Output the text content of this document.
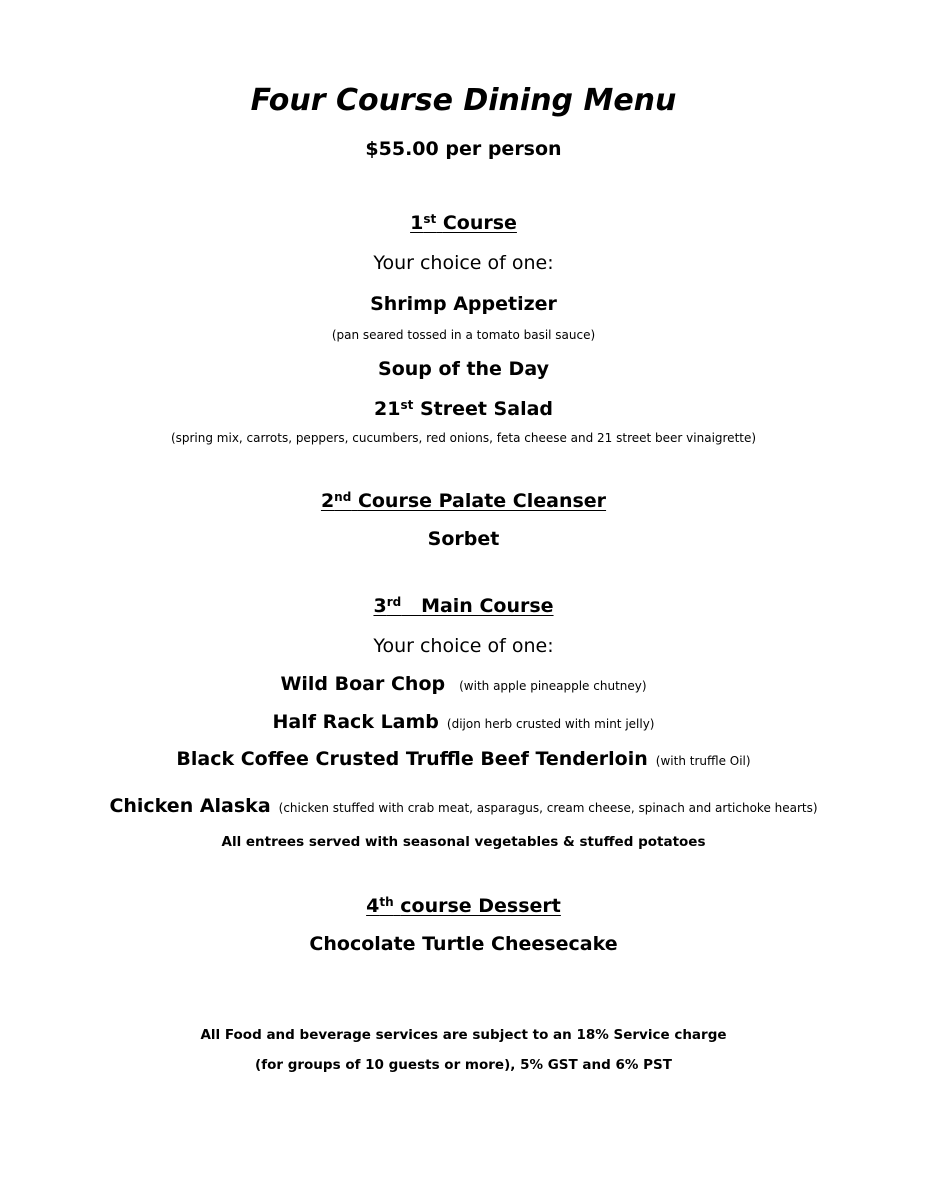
Four Course Dining Menu
$55.00 per person
1st Course
Your choice of one:
Shrimp Appetizer
(pan seared tossed in a tomato basil sauce)
Soup of the Day
21st Street Salad
(spring mix, carrots, peppers, cucumbers, red onions, feta cheese and 21 street beer vinaigrette)
2nd Course Palate Cleanser
Sorbet
3rd Main Course
Your choice of one:
Wild Boar Chop (with apple pineapple chutney)
Half Rack Lamb (dijon herb crusted with mint jelly)
Black Coffee Crusted Truffle Beef Tenderloin (with truffle Oil)
Chicken Alaska (chicken stuffed with crab meat, asparagus, cream cheese, spinach and artichoke hearts)
All entrees served with seasonal vegetables & stuffed potatoes
4th course Dessert
Chocolate Turtle Cheesecake
All Food and beverage services are subject to an 18% Service charge
(for groups of 10 guests or more), 5% GST and 6% PST
